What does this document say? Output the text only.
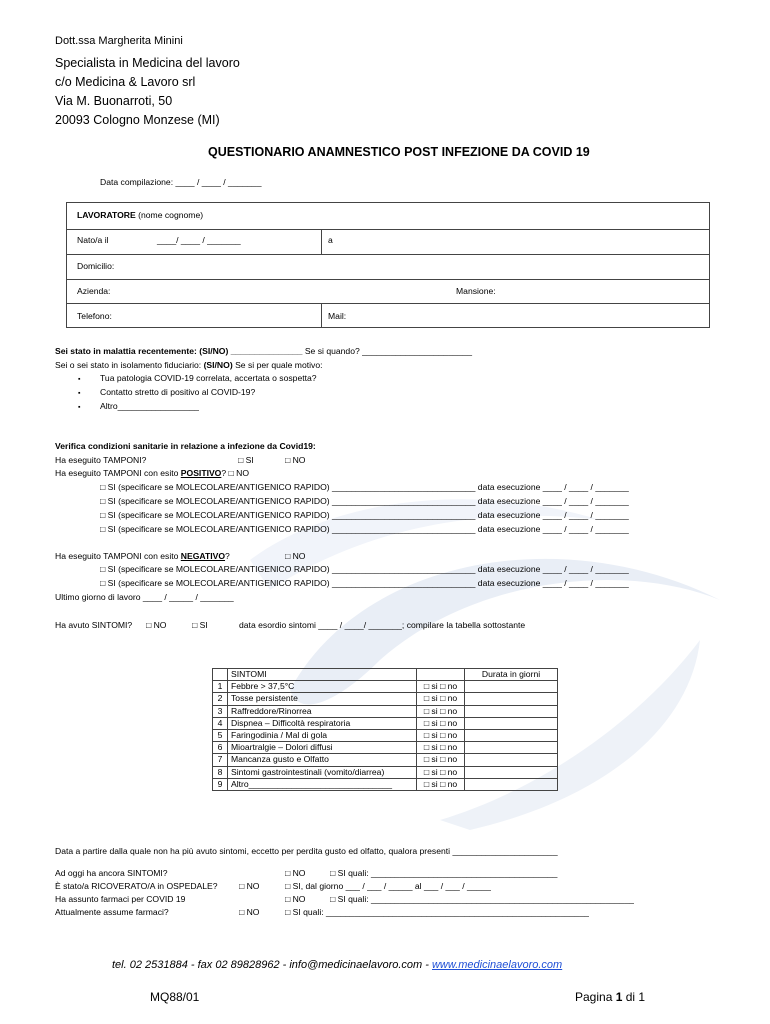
Dott.ssa Margherita Minini
Specialista in Medicina del lavoro
c/o Medicina & Lavoro srl
Via M. Buonarroti, 50
20093 Cologno Monzese (MI)
QUESTIONARIO ANAMNESTICO POST INFEZIONE DA COVID 19
Data compilazione: ____ / ____ / _______
LAVORATORE (nome cognome)
Nato/a il	____/ ____ / _______	a
Domicilio:
Azienda:	Mansione:
Telefono:	Mail:
Sei stato in malattia recentemente: (SI/NO) _______________ Se si quando? _______________________
Sei o sei stato in isolamento fiduciario: (SI/NO) Se si per quale motivo:
▪ Tua patologia COVID-19 correlata, accertata o sospetta?
▪ Contatto stretto di positivo al COVID-19?
▪ Altro_________________
Verifica condizioni sanitarie in relazione a infezione da Covid19:
Ha eseguito TAMPONI?	□ SI	□ NO
Ha eseguito TAMPONI con esito POSITIVO? □ NO
□ SI (specificare se MOLECOLARE/ANTIGENICO RAPIDO) ______________________________ data esecuzione ____ / ____ / _______
□ SI (specificare se MOLECOLARE/ANTIGENICO RAPIDO) ______________________________ data esecuzione ____ / ____ / _______
□ SI (specificare se MOLECOLARE/ANTIGENICO RAPIDO) ______________________________ data esecuzione ____ / ____ / _______
□ SI (specificare se MOLECOLARE/ANTIGENICO RAPIDO) ______________________________ data esecuzione ____ / ____ / _______
Ha eseguito TAMPONI con esito NEGATIVO?	□ NO
□ SI (specificare se MOLECOLARE/ANTIGENICO RAPIDO) ______________________________ data esecuzione ____ / ____ / _______
□ SI (specificare se MOLECOLARE/ANTIGENICO RAPIDO) ______________________________ data esecuzione ____ / ____ / _______
Ultimo giorno di lavoro ____ / _____ / _______
Ha avuto SINTOMI? □ NO	□ SI	data esordio sintomi ____ / ____/ _______; compilare la tabella sottostante
	SINTOMI		Durata in giorni
1	Febbre > 37,5°C	□ si □ no	
2	Tosse persistente	□ si □ no	
3	Raffreddore/Rinorrea	□ si □ no	
4	Dispnea – Difficoltà respiratoria	□ si □ no	
5	Faringodinia / Mal di gola	□ si □ no	
6	Mioartralgie – Dolori diffusi	□ si □ no	
7	Mancanza gusto e Olfatto	□ si □ no	
8	Sintomi gastrointestinali (vomito/diarrea)	□ si □ no	
9	Altro______________________________	□ si □ no	
Data a partire dalla quale non ha più avuto sintomi, eccetto per perdita gusto ed olfatto, qualora presenti ______________________
Ad oggi ha ancora SINTOMI?	□ NO	□ SI quali: _______________________________________
È stato/a RICOVERATO/A in OSPEDALE? □ NO	□ SI, dal giorno ___ / ___ / _____ al ___ / ___ / _____
Ha assunto farmaci per COVID 19	□ NO	□ SI quali: _______________________________________________________
Attualmente assume farmaci?	□ NO	□ SI quali: _______________________________________________________
tel. 02 2531884 - fax 02 89828962 - info@medicinaelavoro.com - www.medicinaelavoro.com
MQ88/01	Pagina 1 di 1
